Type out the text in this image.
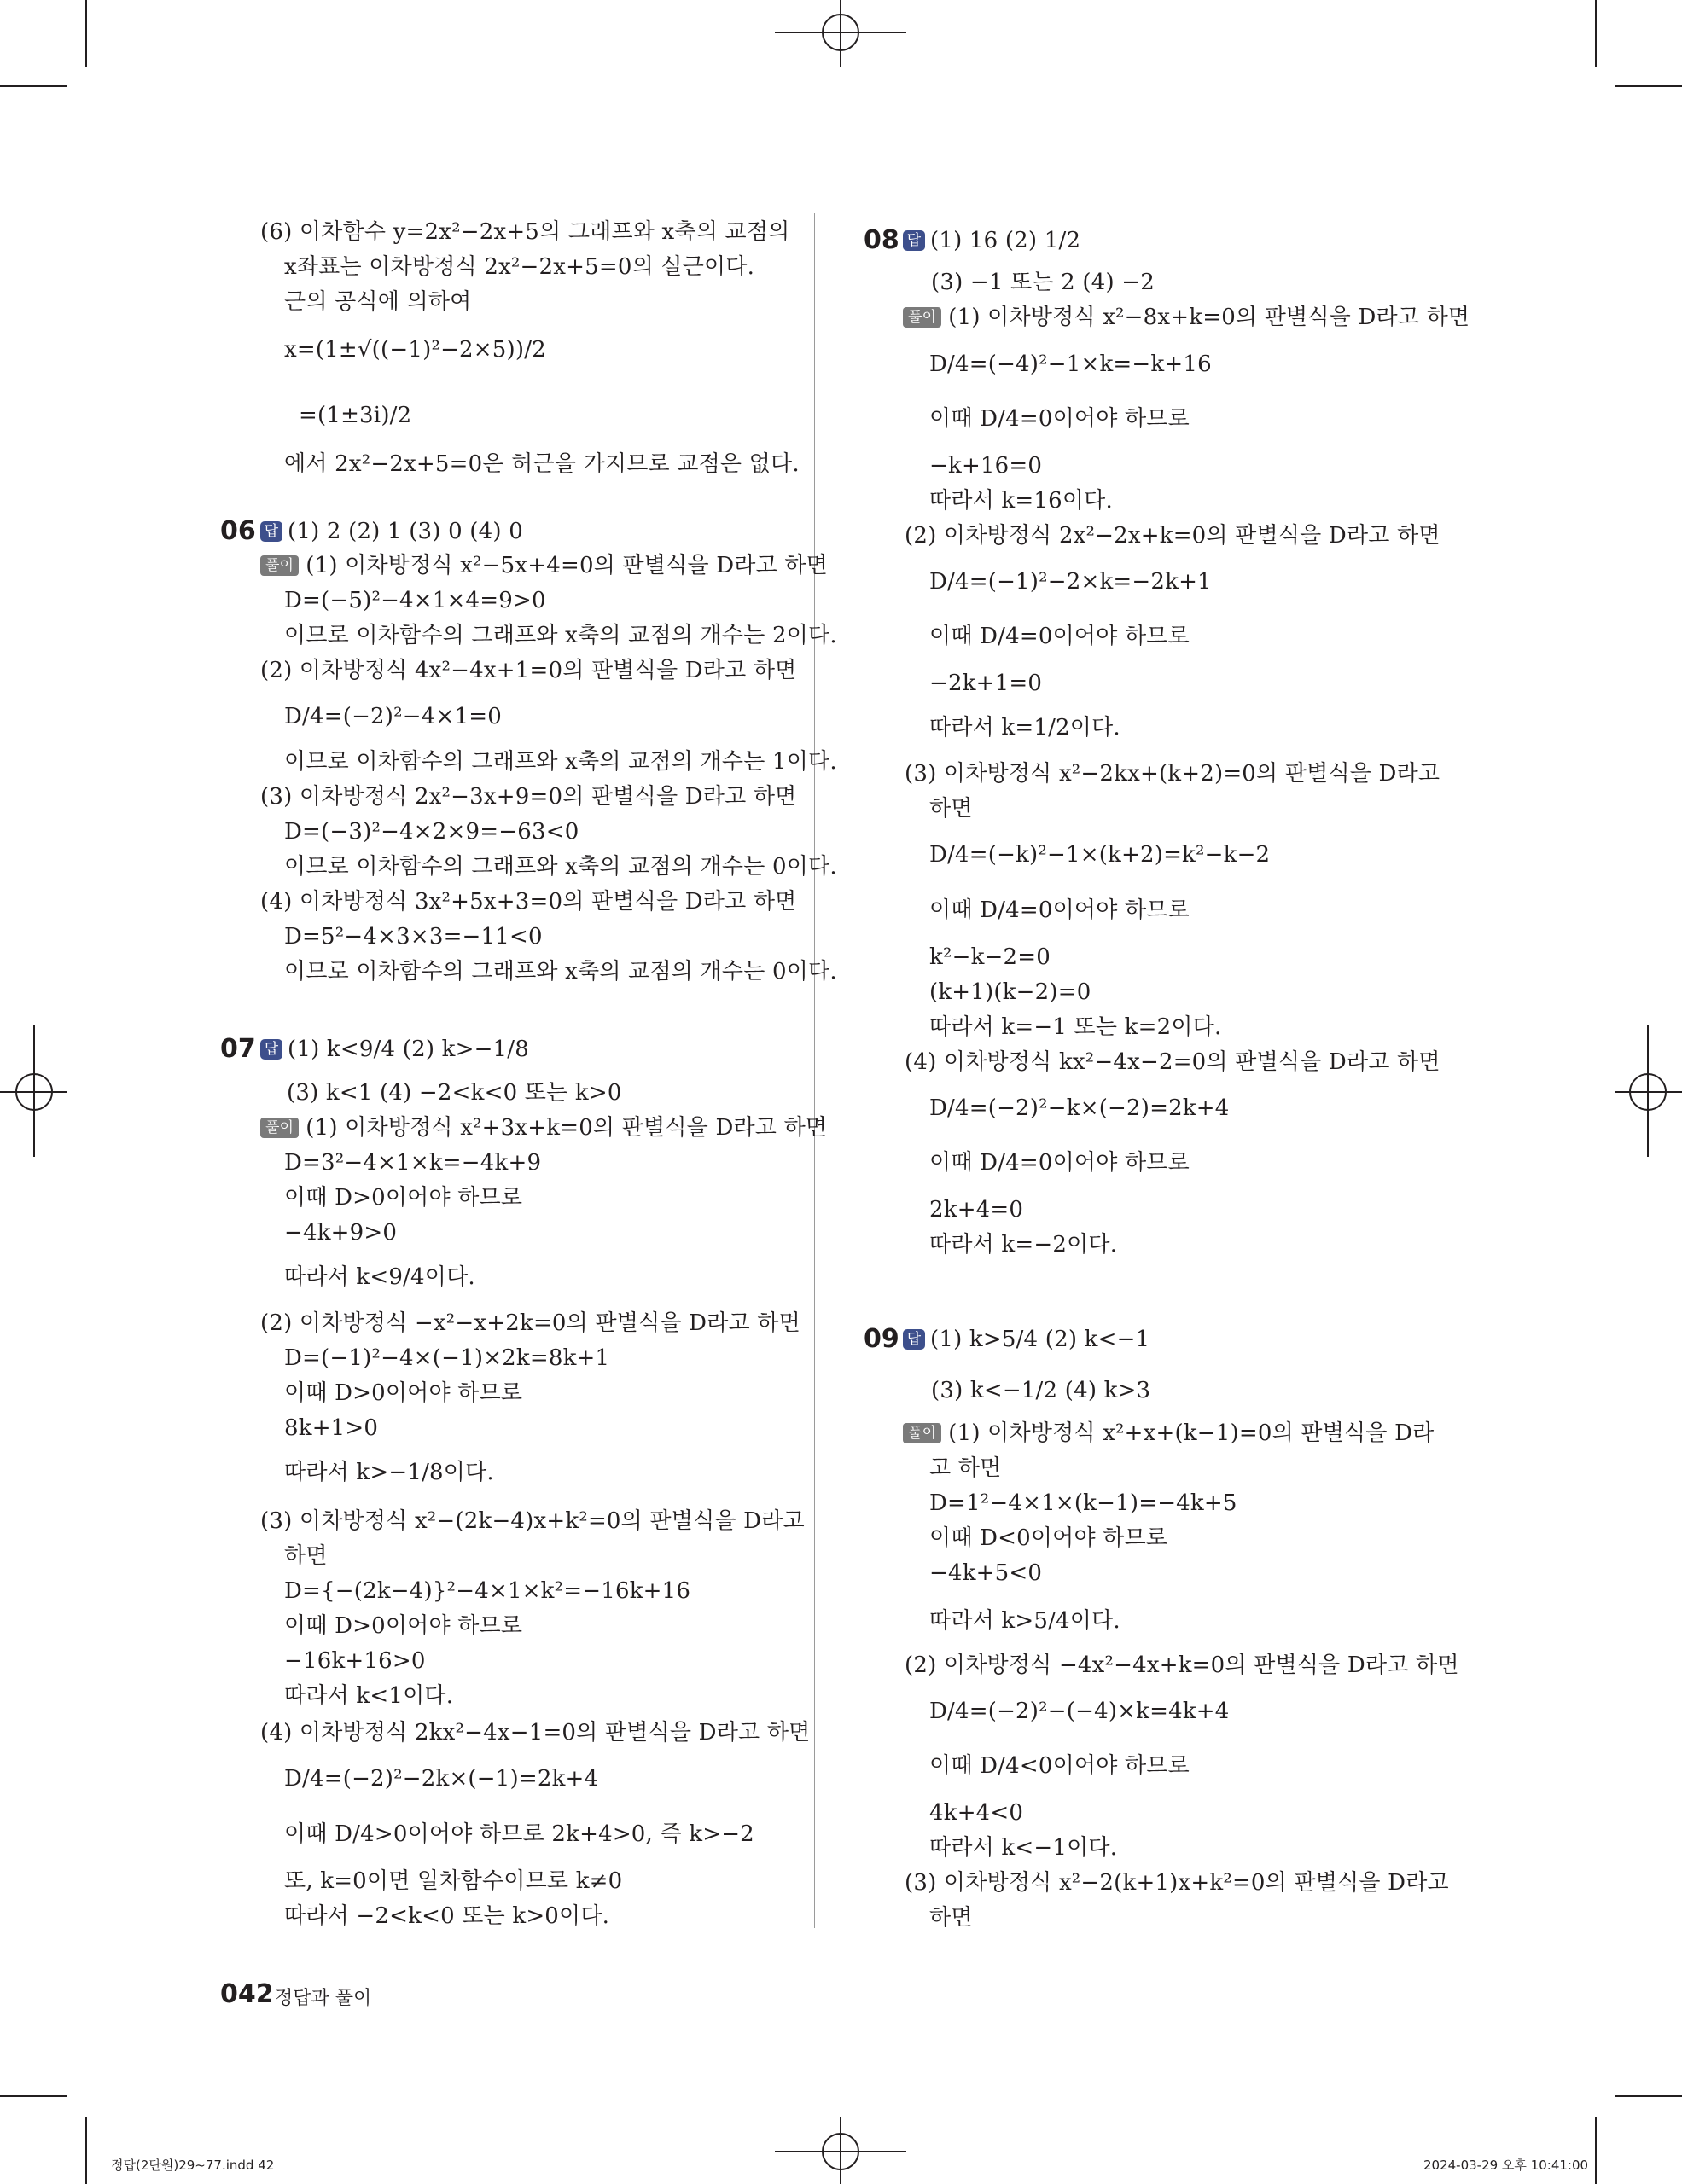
06
07
(6) 이차함수 y=2x²−2x+5의 그래프와 x축의 교점의
x좌표는 이차방정식 2x²−2x+5=0의 실근이다.
근의 공식에 의하여
x=(1±√((−1)²−2×5))/2
=(1±3i)/2
에서 2x²−2x+5=0은 허근을 가지므로 교점은 없다.
답 (1) 2 (2) 1 (3) 0 (4) 0
풀이 (1) 이차방정식 x²−5x+4=0의 판별식을 D라고 하면
D=(−5)²−4×1×4=9>0
이므로 이차함수의 그래프와 x축의 교점의 개수는 2이다.
(2) 이차방정식 4x²−4x+1=0의 판별식을 D라고 하면
D/4=(−2)²−4×1=0
이므로 이차함수의 그래프와 x축의 교점의 개수는 1이다.
(3) 이차방정식 2x²−3x+9=0의 판별식을 D라고 하면
D=(−3)²−4×2×9=−63<0
이므로 이차함수의 그래프와 x축의 교점의 개수는 0이다.
(4) 이차방정식 3x²+5x+3=0의 판별식을 D라고 하면
D=5²−4×3×3=−11<0
이므로 이차함수의 그래프와 x축의 교점의 개수는 0이다.
답 (1) k<9/4 (2) k>−1/8
(3) k<1 (4) −2<k<0 또는 k>0
풀이 (1) 이차방정식 x²+3x+k=0의 판별식을 D라고 하면
D=3²−4×1×k=−4k+9
이때 D>0이어야 하므로
−4k+9>0
따라서 k<9/4이다.
(2) 이차방정식 −x²−x+2k=0의 판별식을 D라고 하면
D=(−1)²−4×(−1)×2k=8k+1
이때 D>0이어야 하므로
8k+1>0
따라서 k>−1/8이다.
(3) 이차방정식 x²−(2k−4)x+k²=0의 판별식을 D라고
하면
D={−(2k−4)}²−4×1×k²=−16k+16
이때 D>0이어야 하므로
−16k+16>0
따라서 k<1이다.
(4) 이차방정식 2kx²−4x−1=0의 판별식을 D라고 하면
D/4=(−2)²−2k×(−1)=2k+4
이때 D/4>0이어야 하므로 2k+4>0, 즉 k>−2
또, k=0이면 일차함수이므로 k≠0
따라서 −2<k<0 또는 k>0이다.
08
09
답 (1) 16 (2) 1/2
(3) −1 또는 2 (4) −2
풀이 (1) 이차방정식 x²−8x+k=0의 판별식을 D라고 하면
D/4=(−4)²−1×k=−k+16
이때 D/4=0이어야 하므로
−k+16=0
따라서 k=16이다.
(2) 이차방정식 2x²−2x+k=0의 판별식을 D라고 하면
D/4=(−1)²−2×k=−2k+1
이때 D/4=0이어야 하므로
−2k+1=0
따라서 k=1/2이다.
(3) 이차방정식 x²−2kx+(k+2)=0의 판별식을 D라고
하면
D/4=(−k)²−1×(k+2)=k²−k−2
이때 D/4=0이어야 하므로
k²−k−2=0
(k+1)(k−2)=0
따라서 k=−1 또는 k=2이다.
(4) 이차방정식 kx²−4x−2=0의 판별식을 D라고 하면
D/4=(−2)²−k×(−2)=2k+4
이때 D/4=0이어야 하므로
2k+4=0
따라서 k=−2이다.
답 (1) k>5/4 (2) k<−1
(3) k<−1/2 (4) k>3
풀이 (1) 이차방정식 x²+x+(k−1)=0의 판별식을 D라
고 하면
D=1²−4×1×(k−1)=−4k+5
이때 D<0이어야 하므로
−4k+5<0
따라서 k>5/4이다.
(2) 이차방정식 −4x²−4x+k=0의 판별식을 D라고 하면
D/4=(−2)²−(−4)×k=4k+4
이때 D/4<0이어야 하므로
4k+4<0
따라서 k<−1이다.
(3) 이차방정식 x²−2(k+1)x+k²=0의 판별식을 D라고
하면
042 정답과 풀이
정답(2단원)29~77.indd 42	2024-03-29 오후 10:41:00
